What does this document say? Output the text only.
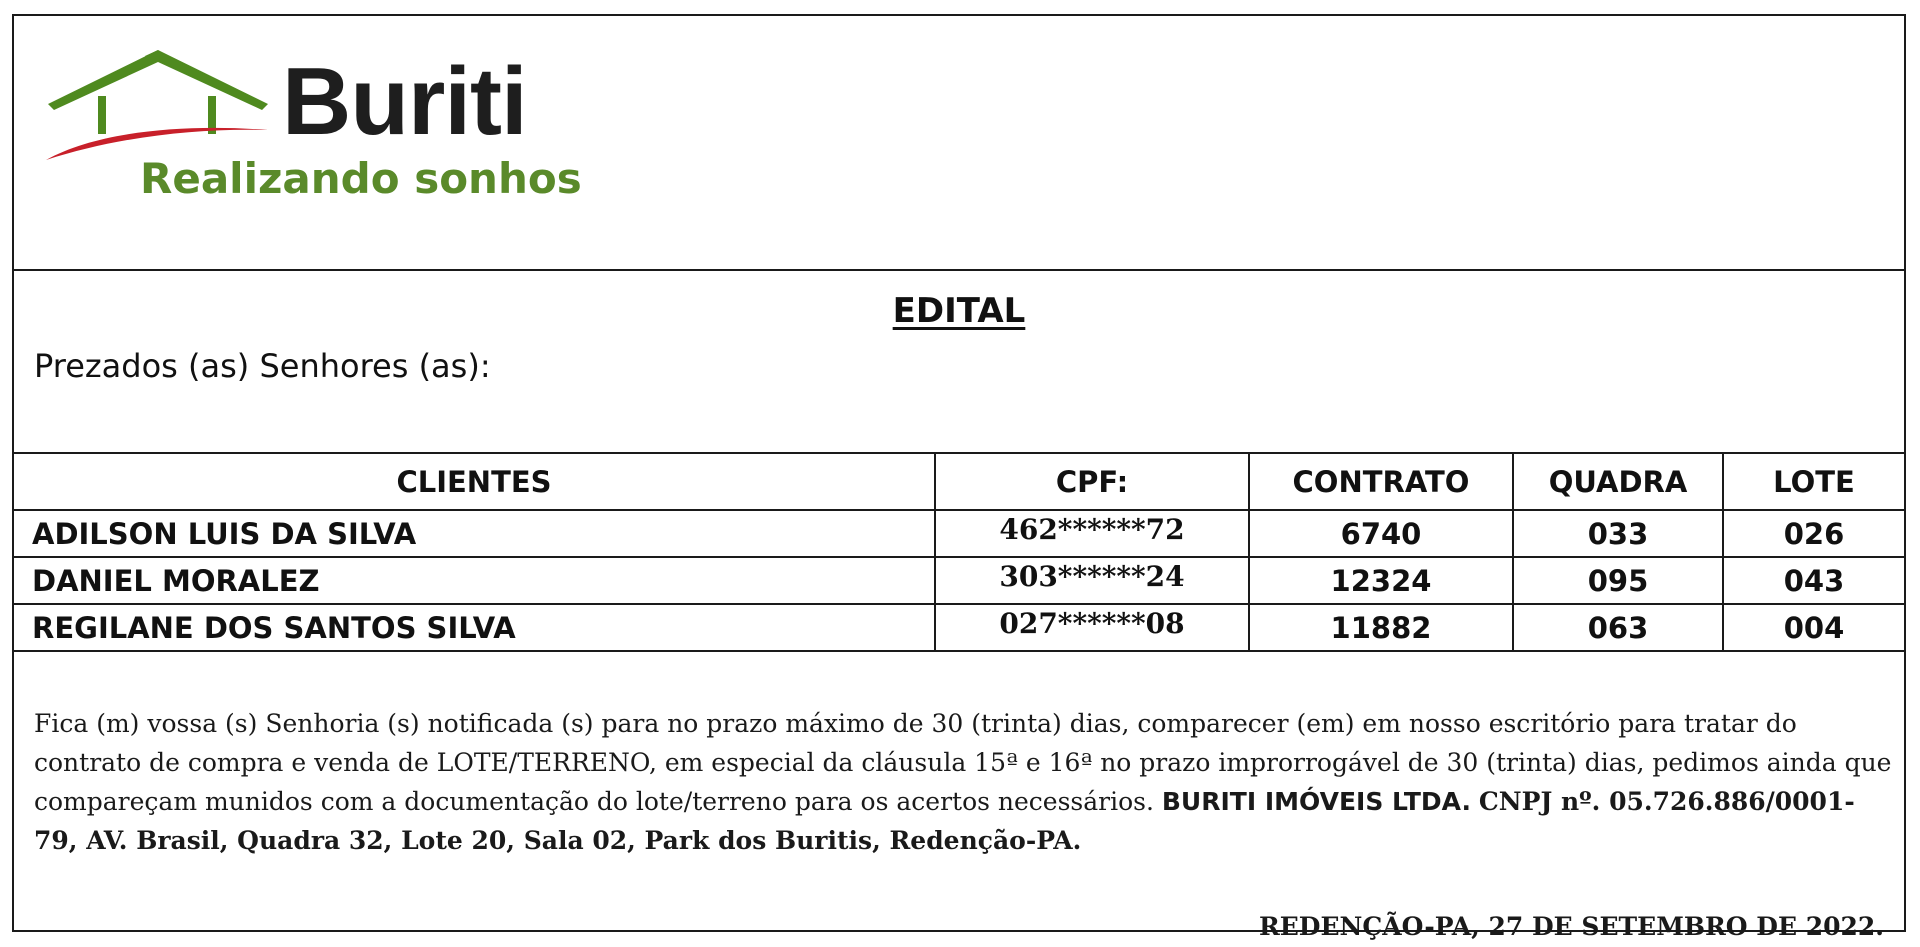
Buriti
Realizando sonhos
EDITAL
Prezados (as) Senhores (as):
CLIENTES	CPF:	CONTRATO	QUADRA	LOTE
ADILSON LUIS DA SILVA	462******72	6740	033	026
DANIEL MORALEZ	303******24	12324	095	043
REGILANE DOS SANTOS SILVA	027******08	11882	063	004
Fica (m) vossa (s) Senhoria (s) notificada (s) para no prazo máximo de 30 (trinta) dias, comparecer (em) em nosso escritório para tratar do contrato de compra e venda de LOTE/TERRENO, em especial da cláusula 15ª e 16ª no prazo improrrogável de 30 (trinta) dias, pedimos ainda que compareçam munidos com a documentação do lote/terreno para os acertos necessários. BURITI IMÓVEIS LTDA. CNPJ nº. 05.726.886/0001-79, AV. Brasil, Quadra 32, Lote 20, Sala 02, Park dos Buritis, Redenção-PA.
REDENÇÃO-PA, 27 DE SETEMBRO DE 2022.
